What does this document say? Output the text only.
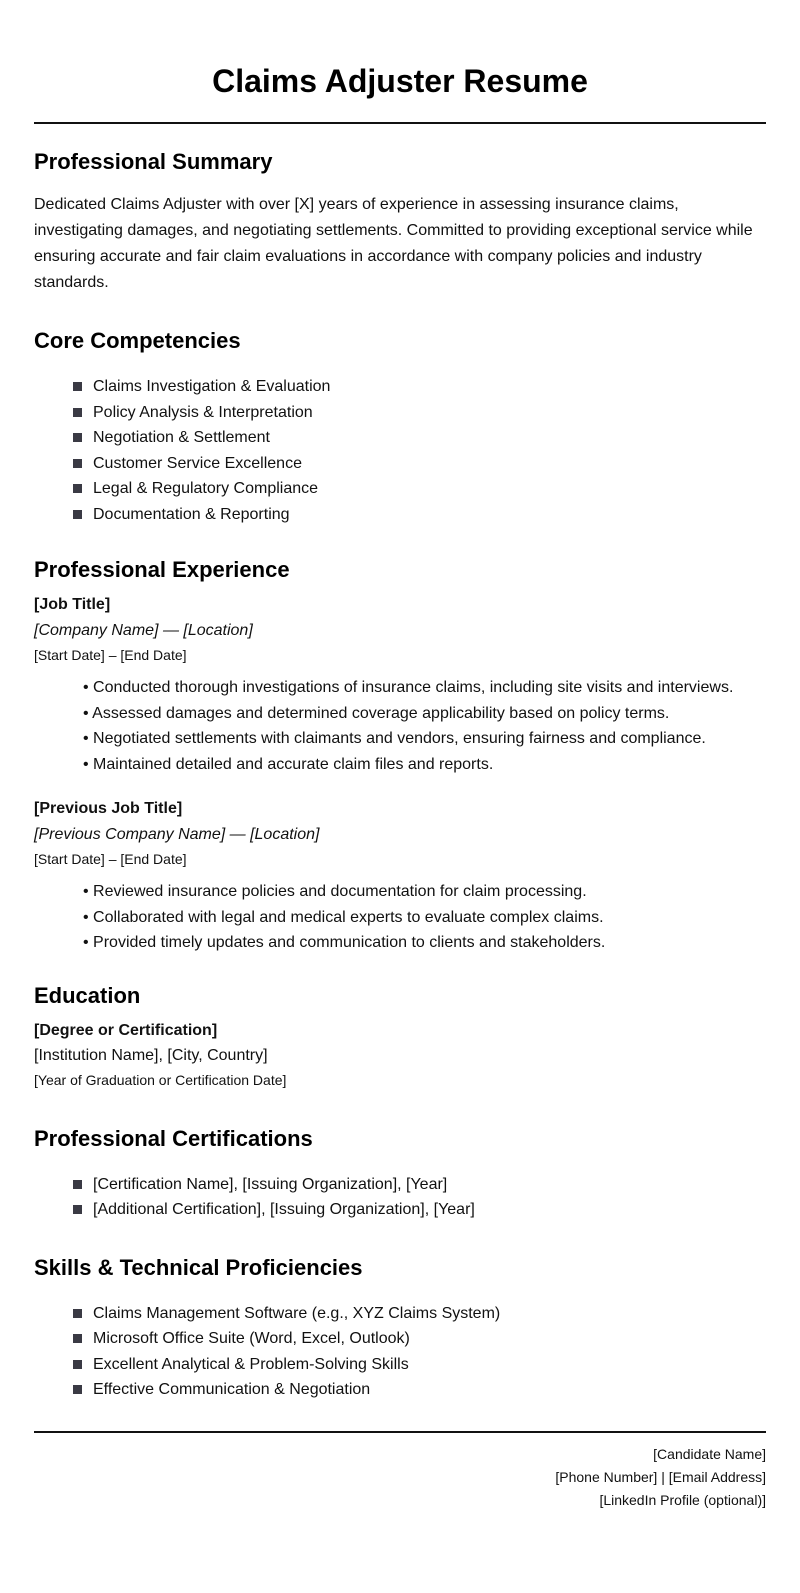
Claims Adjuster Resume
Professional Summary

Dedicated Claims Adjuster with over [X] years of experience in assessing insurance claims, investigating damages, and negotiating settlements. Committed to providing exceptional service while ensuring accurate and fair claim evaluations in accordance with company policies and industry standards.

Core Competencies
Claims Investigation & Evaluation
Policy Analysis & Interpretation
Negotiation & Settlement
Customer Service Excellence
Legal & Regulatory Compliance
Documentation & Reporting
Professional Experience
[Job Title]
[Company Name] — [Location]
[Start Date] – [End Date]
• Conducted thorough investigations of insurance claims, including site visits and interviews.
• Assessed damages and determined coverage applicability based on policy terms.
• Negotiated settlements with claimants and vendors, ensuring fairness and compliance.
• Maintained detailed and accurate claim files and reports.
[Previous Job Title]
[Previous Company Name] — [Location]
[Start Date] – [End Date]
• Reviewed insurance policies and documentation for claim processing.
• Collaborated with legal and medical experts to evaluate complex claims.
• Provided timely updates and communication to clients and stakeholders.
Education
[Degree or Certification]
[Institution Name], [City, Country]
[Year of Graduation or Certification Date]
Professional Certifications
[Certification Name], [Issuing Organization], [Year]
[Additional Certification], [Issuing Organization], [Year]
Skills & Technical Proficiencies
Claims Management Software (e.g., XYZ Claims System)
Microsoft Office Suite (Word, Excel, Outlook)
Excellent Analytical & Problem-Solving Skills
Effective Communication & Negotiation
[Candidate Name]
[Phone Number] | [Email Address]
[LinkedIn Profile (optional)]
